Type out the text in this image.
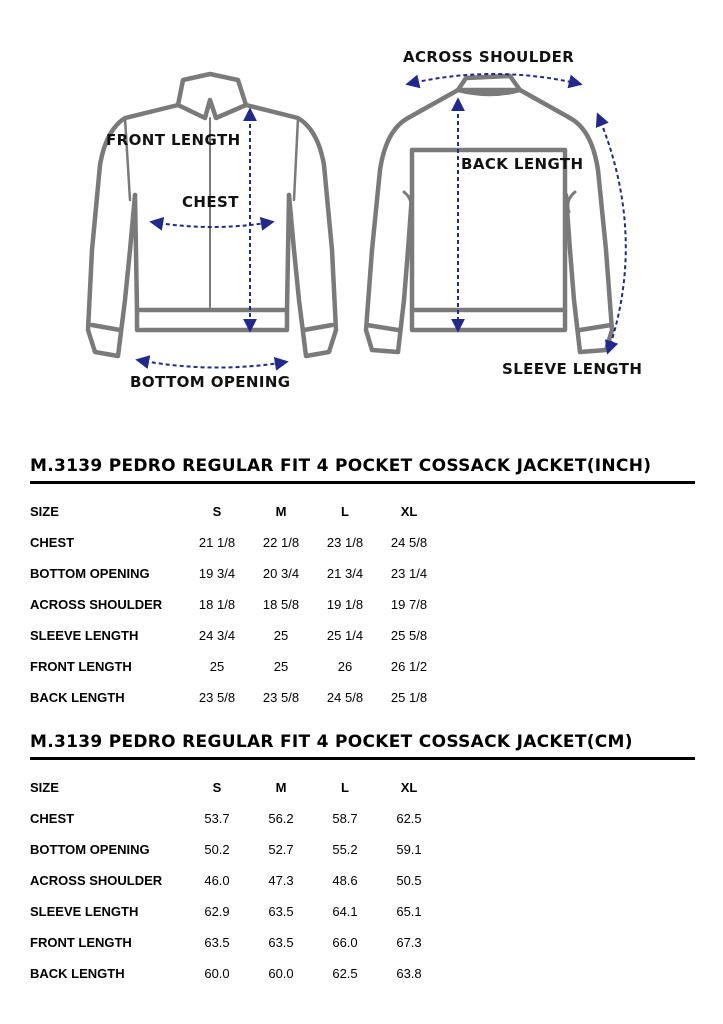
FRONT LENGTH
CHEST
BOTTOM OPENING
ACROSS SHOULDER
BACK LENGTH
SLEEVE LENGTH
M.3139 PEDRO REGULAR FIT 4 POCKET COSSACK JACKET(INCH)
SIZE	S	M	L	XL
CHEST	21 1/8	22 1/8	23 1/8	24 5/8
BOTTOM OPENING	19 3/4	20 3/4	21 3/4	23 1/4
ACROSS SHOULDER	18 1/8	18 5/8	19 1/8	19 7/8
SLEEVE LENGTH	24 3/4	25	25 1/4	25 5/8
FRONT LENGTH	25	25	26	26 1/2
BACK LENGTH	23 5/8	23 5/8	24 5/8	25 1/8
M.3139 PEDRO REGULAR FIT 4 POCKET COSSACK JACKET(CM)
SIZE	S	M	L	XL
CHEST	53.7	56.2	58.7	62.5
BOTTOM OPENING	50.2	52.7	55.2	59.1
ACROSS SHOULDER	46.0	47.3	48.6	50.5
SLEEVE LENGTH	62.9	63.5	64.1	65.1
FRONT LENGTH	63.5	63.5	66.0	67.3
BACK LENGTH	60.0	60.0	62.5	63.8
